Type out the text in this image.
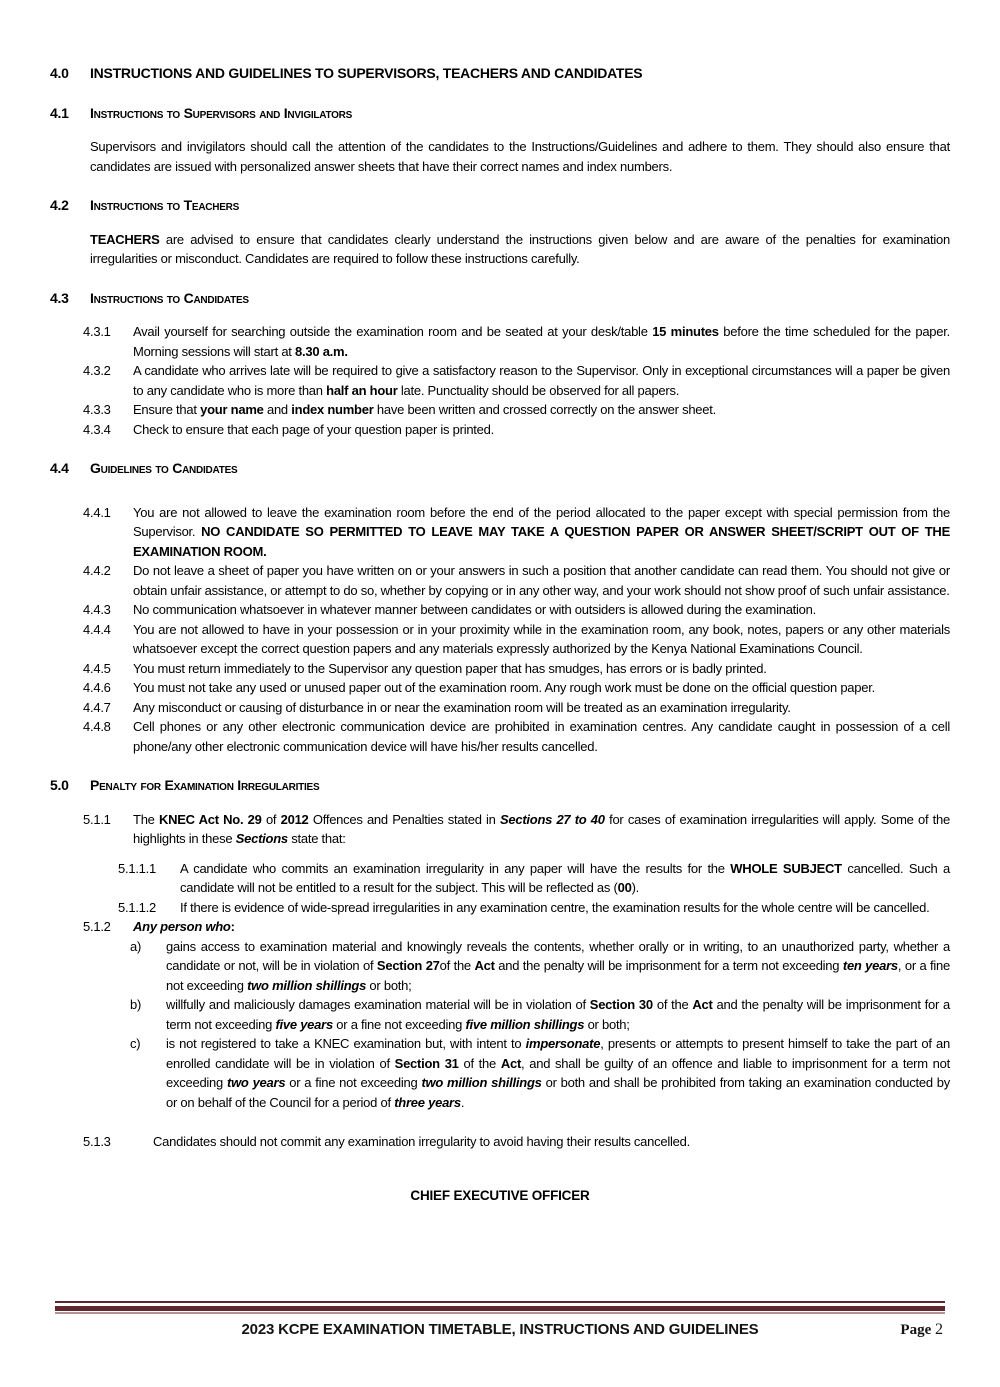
4.0	INSTRUCTIONS AND GUIDELINES TO SUPERVISORS, TEACHERS AND CANDIDATES
4.1	Instructions to Supervisors and Invigilators
Supervisors and invigilators should call the attention of the candidates to the Instructions/Guidelines and adhere to them. They should also ensure that candidates are issued with personalized answer sheets that have their correct names and index numbers.
4.2	Instructions to Teachers
TEACHERS are advised to ensure that candidates clearly understand the instructions given below and are aware of the penalties for examination irregularities or misconduct. Candidates are required to follow these instructions carefully.
4.3	Instructions to Candidates
4.3.1	Avail yourself for searching outside the examination room and be seated at your desk/table 15 minutes before the time scheduled for the paper. Morning sessions will start at 8.30 a.m.
4.3.2	A candidate who arrives late will be required to give a satisfactory reason to the Supervisor. Only in exceptional circumstances will a paper be given to any candidate who is more than half an hour late. Punctuality should be observed for all papers.
4.3.3	Ensure that your name and index number have been written and crossed correctly on the answer sheet.
4.3.4	Check to ensure that each page of your question paper is printed.
4.4	Guidelines to Candidates
4.4.1	You are not allowed to leave the examination room before the end of the period allocated to the paper except with special permission from the Supervisor. NO CANDIDATE SO PERMITTED TO LEAVE MAY TAKE A QUESTION PAPER OR ANSWER SHEET/SCRIPT OUT OF THE EXAMINATION ROOM.
4.4.2	Do not leave a sheet of paper you have written on or your answers in such a position that another candidate can read them. You should not give or obtain unfair assistance, or attempt to do so, whether by copying or in any other way, and your work should not show proof of such unfair assistance.
4.4.3	No communication whatsoever in whatever manner between candidates or with outsiders is allowed during the examination.
4.4.4	You are not allowed to have in your possession or in your proximity while in the examination room, any book, notes, papers or any other materials whatsoever except the correct question papers and any materials expressly authorized by the Kenya National Examinations Council.
4.4.5	You must return immediately to the Supervisor any question paper that has smudges, has errors or is badly printed.
4.4.6	You must not take any used or unused paper out of the examination room. Any rough work must be done on the official question paper.
4.4.7	Any misconduct or causing of disturbance in or near the examination room will be treated as an examination irregularity.
4.4.8	Cell phones or any other electronic communication device are prohibited in examination centres. Any candidate caught in possession of a cell phone/any other electronic communication device will have his/her results cancelled.
5.0	Penalty for Examination Irregularities
5.1.1	The KNEC Act No. 29 of 2012 Offences and Penalties stated in Sections 27 to 40 for cases of examination irregularities will apply. Some of the highlights in these Sections state that:
5.1.1.1	A candidate who commits an examination irregularity in any paper will have the results for the WHOLE SUBJECT cancelled. Such a candidate will not be entitled to a result for the subject. This will be reflected as (00).
5.1.1.2	If there is evidence of wide-spread irregularities in any examination centre, the examination results for the whole centre will be cancelled.
5.1.2	Any person who:
a)	gains access to examination material and knowingly reveals the contents, whether orally or in writing, to an unauthorized party, whether a candidate or not, will be in violation of Section 27of the Act and the penalty will be imprisonment for a term not exceeding ten years, or a fine not exceeding two million shillings or both;
b)	willfully and maliciously damages examination material will be in violation of Section 30 of the Act and the penalty will be imprisonment for a term not exceeding five years or a fine not exceeding five million shillings or both;
c)	is not registered to take a KNEC examination but, with intent to impersonate, presents or attempts to present himself to take the part of an enrolled candidate will be in violation of Section 31 of the Act, and shall be guilty of an offence and liable to imprisonment for a term not exceeding two years or a fine not exceeding two million shillings or both and shall be prohibited from taking an examination conducted by or on behalf of the Council for a period of three years.
5.1.3	Candidates should not commit any examination irregularity to avoid having their results cancelled.
CHIEF EXECUTIVE OFFICER
2023 KCPE EXAMINATION TIMETABLE, INSTRUCTIONS AND GUIDELINES	Page 2
